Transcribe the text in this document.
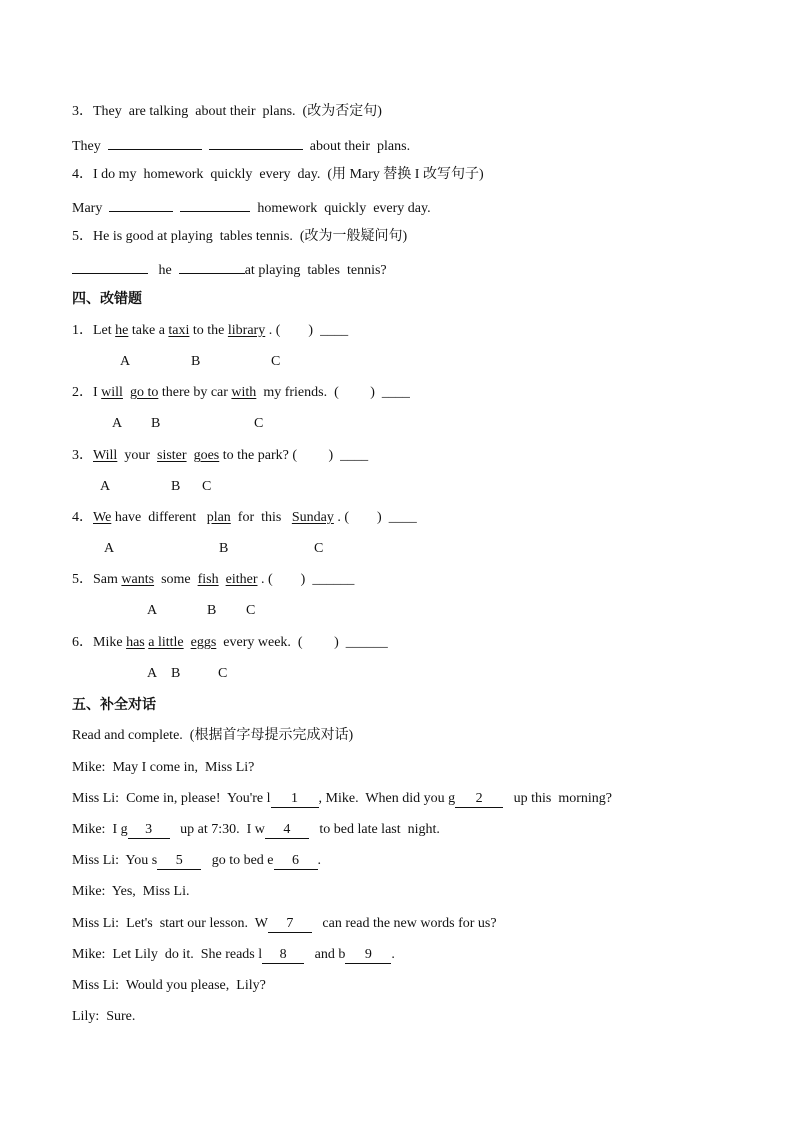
3．They  are talking  about their  plans.  (改为否定句)
They	about their  plans.
4．I do my  homework  quickly  every  day.  (用 Mary 替换 I 改写句子)
Mary	homework  quickly  every day.
5．He is good at playing  tables tennis.  (改为一般疑问句)
he	at playing  tables  tennis?
四、改错题
1．Let he take a taxi to the library . ( )  ____
A	B	C
2．I will go to there by car with  my friends.  ( )  ____
A B	C
3．Will  your  sister goes to the park? ( )  ____
A	B C
4．We have  different   plan  for  this   Sunday . ( )  ____
A	B	C
5．Sam wants  some  fish either . ( )  ______
A	B C
6．Mike has a little eggs  every week.  ( )  ______
A B	C
五、补全对话
Read and complete.  (根据首字母提示完成对话)
Mike:  May I come in,  Miss Li?
Miss Li:  Come in, please!  You're l 1 , Mike.  When did you g 2   up this  morning?
Mike:  I g 3   up at 7:30.  I w 4   to bed late last  night.
Miss Li:  You s 5   go to bed e 6 .
Mike:  Yes,  Miss Li.
Miss Li:  Let's  start our lesson.  W 7   can read the new words for us?
Mike:  Let Lily  do it.  She reads l 8   and b 9 .
Miss Li:  Would you please,  Lily?
Lily:  Sure.
